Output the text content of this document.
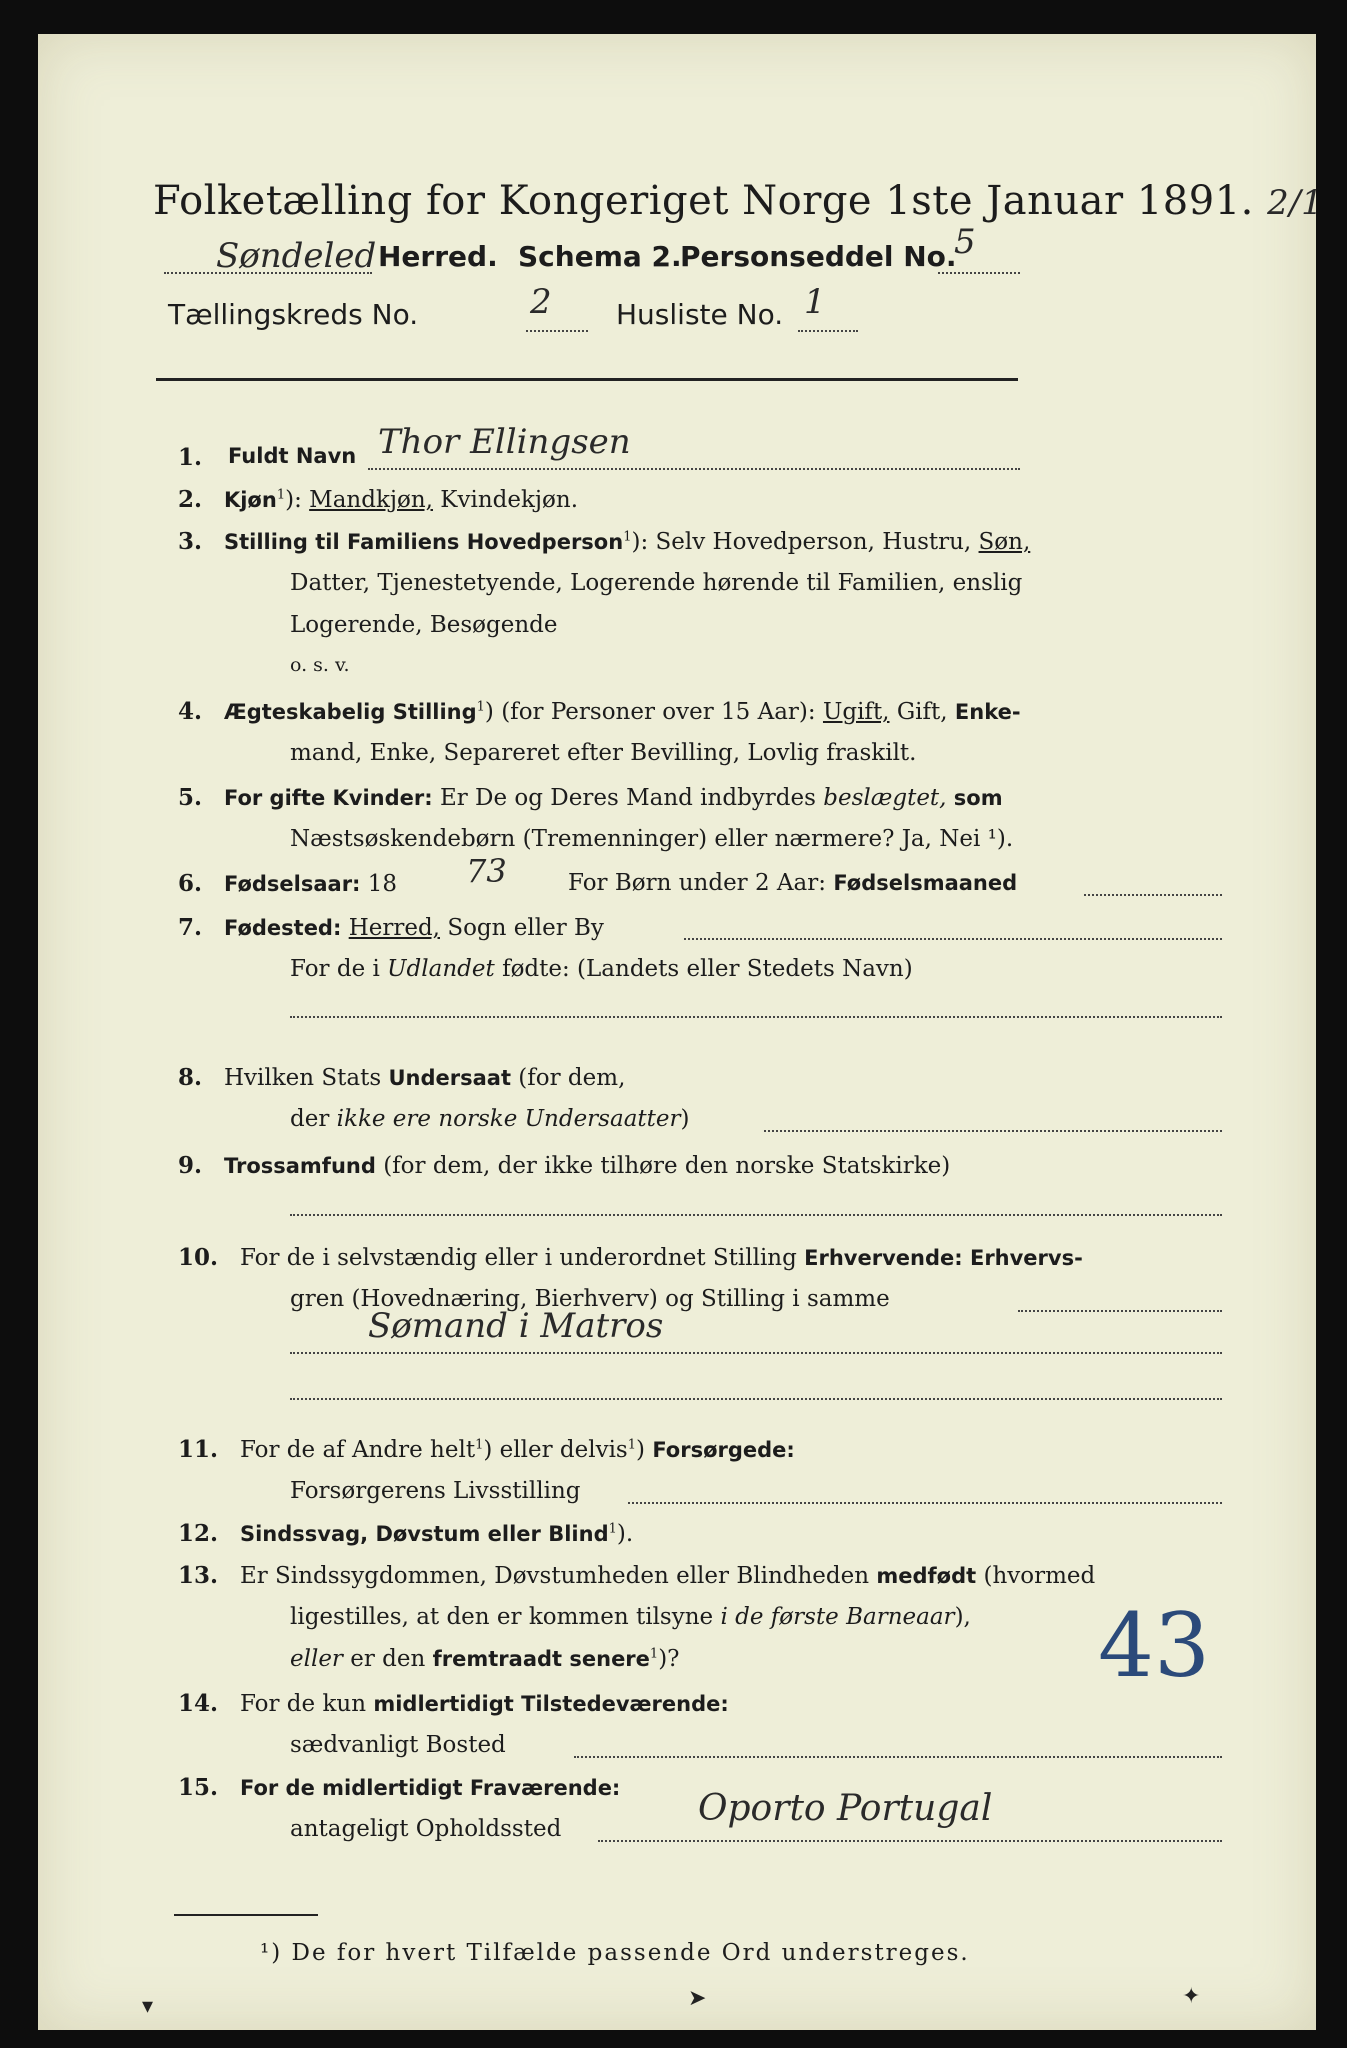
Folketælling for Kongeriget Norge 1ste Januar 1891. 2/1
Søndeled Herred. Schema 2.
Personseddel No.
5
Tællingskreds No.	2 Husliste No. 1
1. Fuldt Navn Thor Ellingsen
2. Kjøn$^1$): Mandkjøn, Kvindekjøn.
3. Stilling til Familiens Hovedperson$^1$): Selv Hovedperson, Hustru, Søn,
Datter, Tjenestetyende, Logerende hørende til Familien, enslig
Logerende, Besøgende
o. s. v.
4. Ægteskabelig Stilling$^1$) (for Personer over 15 Aar): Ugift, Gift, Enke-
mand, Enke, Separeret efter Bevilling, Lovlig fraskilt.
5. For gifte Kvinder: Er De og Deres Mand indbyrdes beslægtet, som
Næstsøskendebørn (Tremenninger) eller nærmere? Ja, Nei ¹).
6. Fødselsaar: 18 73	For Børn under 2 Aar: Fødselsmaaned
7. Fødested: Herred, Sogn eller By
For de i Udlandet fødte: (Landets eller Stedets Navn)
8. Hvilken Stats Undersaat (for dem,
der ikke ere norske Undersaatter)
9. Trossamfund (for dem, der ikke tilhøre den norske Statskirke)
10. For de i selvstændig eller i underordnet Stilling Erhvervende: Erhvervs-
gren (Hovednæring, Bierhverv) og Stilling i samme
Sømand i Matros
11. For de af Andre helt$^1$) eller delvis$^1$) Forsørgede:
Forsørgerens Livsstilling
12. Sindssvag, Døvstum eller Blind$^1$).
13. Er Sindssygdommen, Døvstumheden eller Blindheden medfødt (hvormed
ligestilles, at den er kommen tilsyne i de første Barneaar),
eller er den fremtraadt senere$^1$)?	43
14. For de kun midlertidigt Tilstedeværende:
sædvanligt Bosted
15. For de midlertidigt Fraværende:
antageligt Opholdssted	Oporto Portugal
¹) De for hvert Tilfælde passende Ord understreges.
▾	➤	✦
